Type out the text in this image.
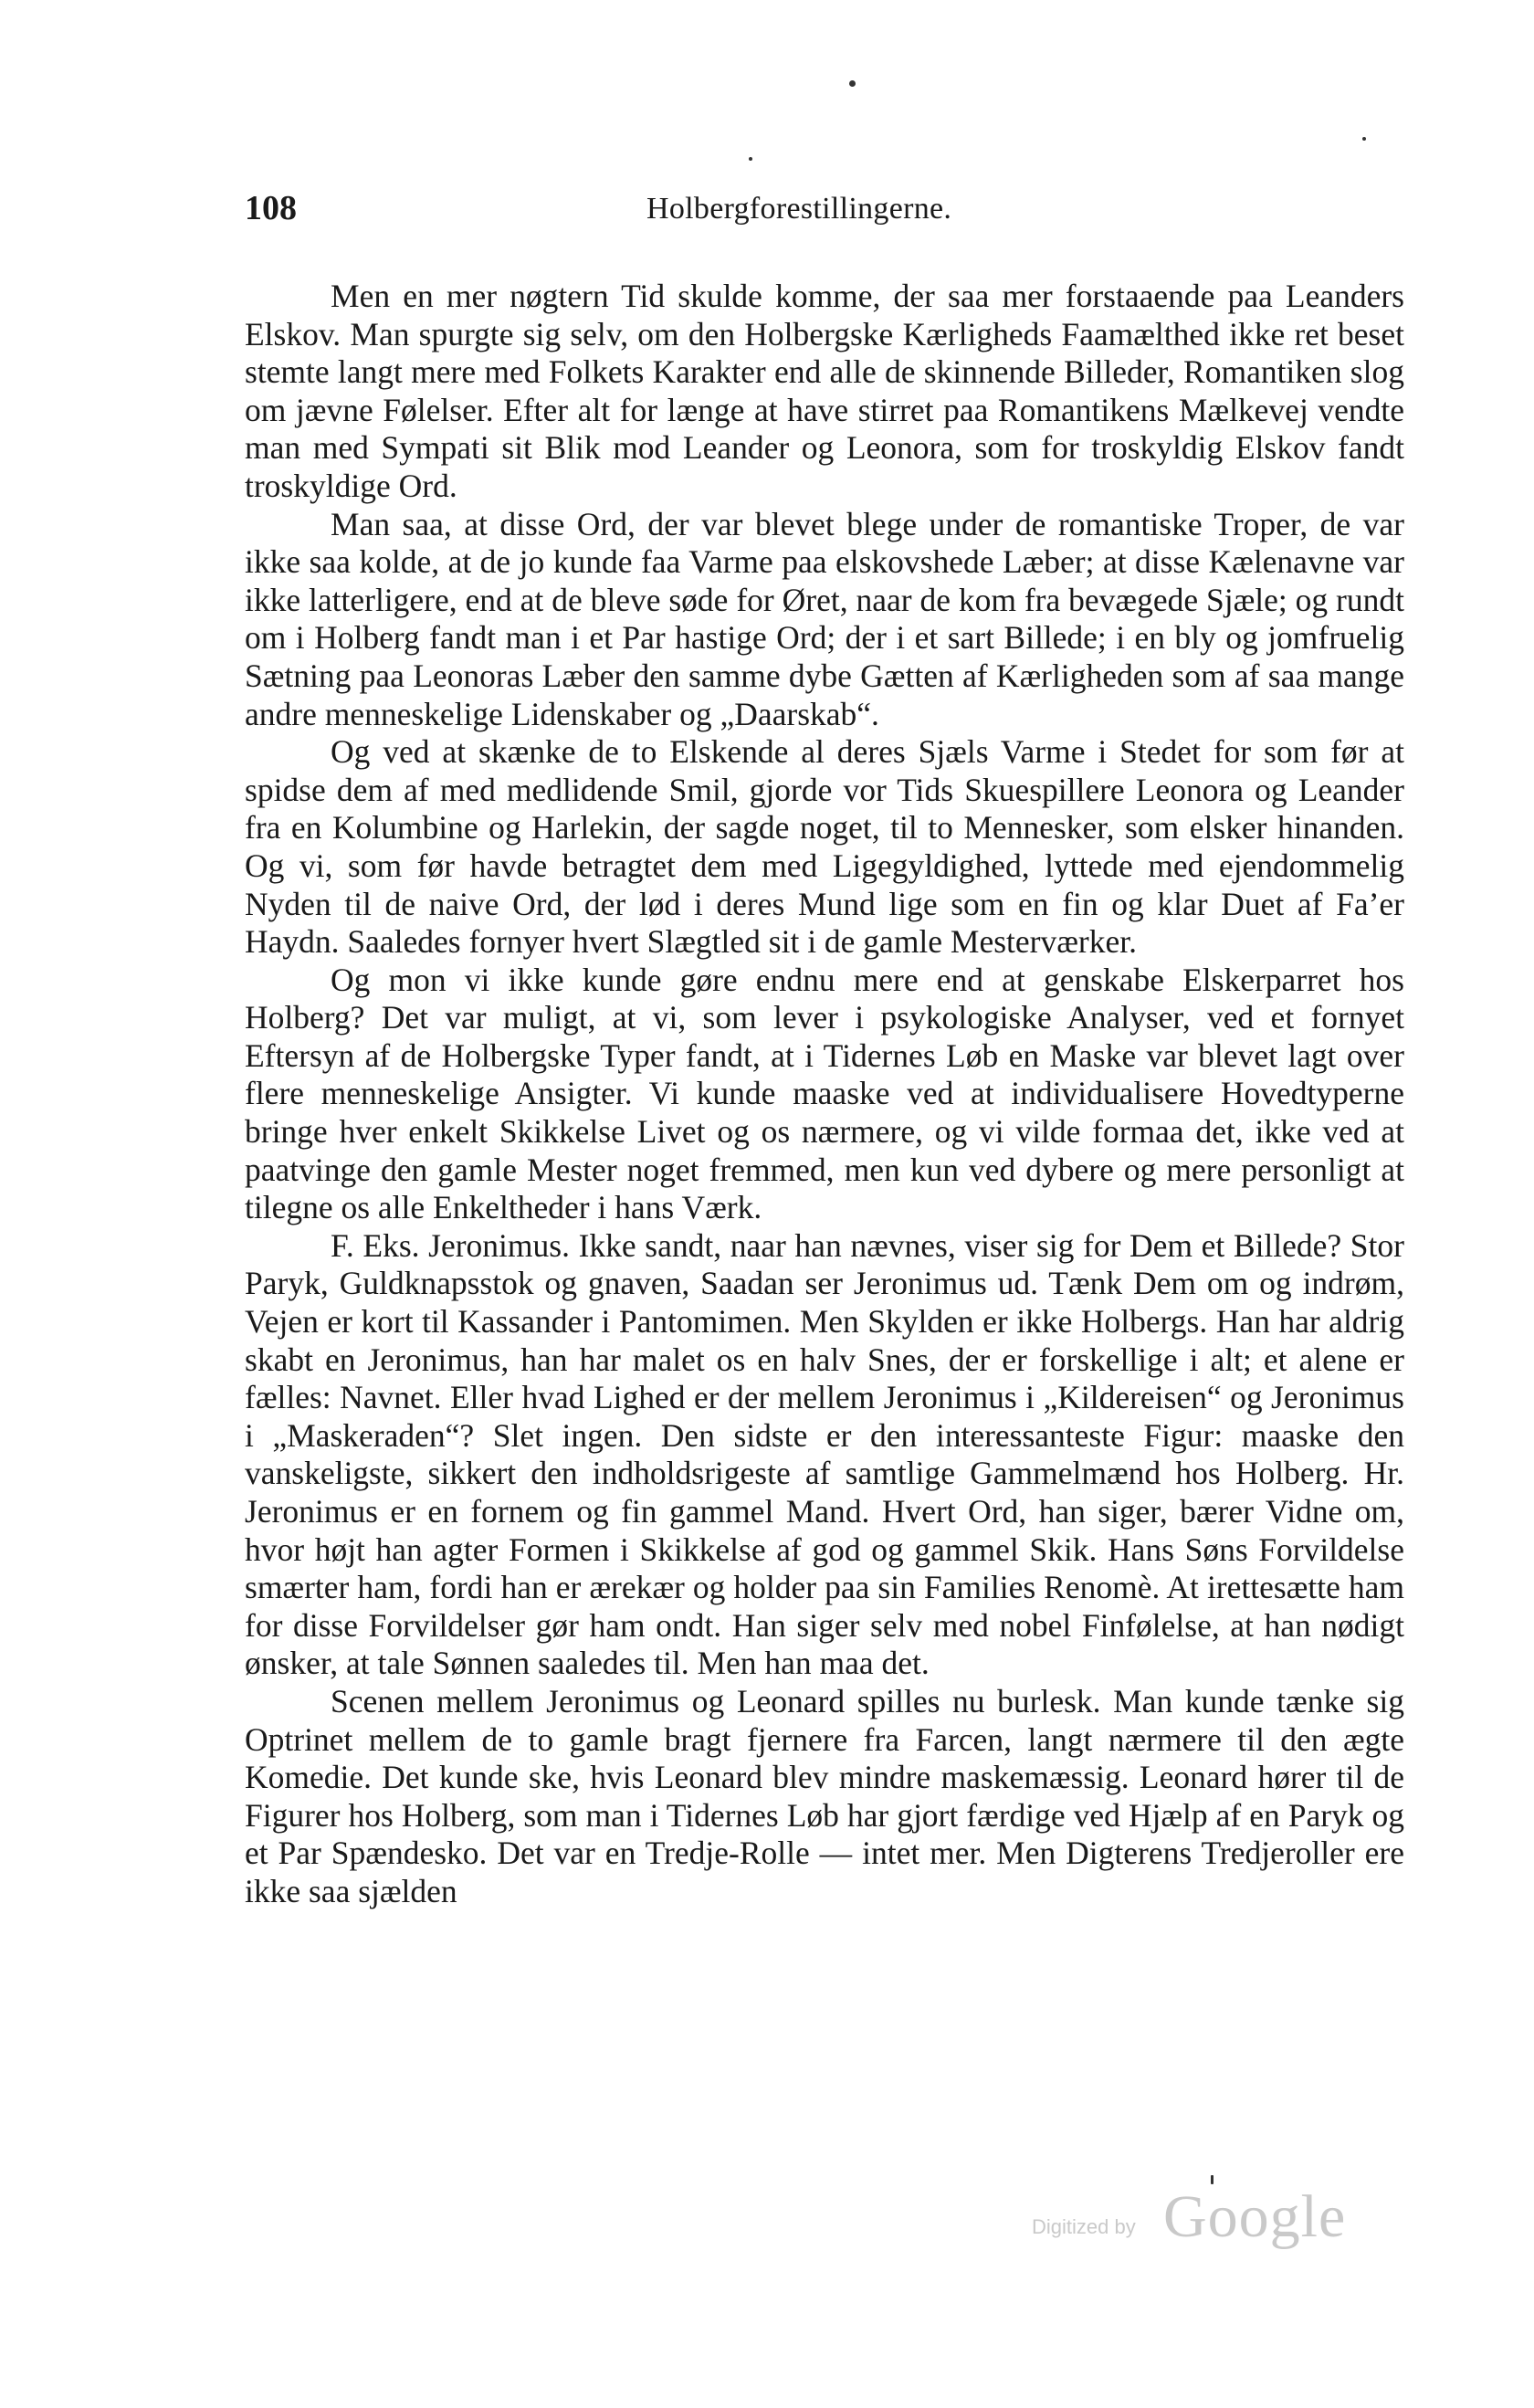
108	Holbergforestillingerne.

Men en mer nøgtern Tid skulde komme, der saa mer forstaaende paa Leanders Elskov. Man spurgte sig selv, om den Holbergske Kærligheds Faamælthed ikke ret beset stemte langt mere med Folkets Karakter end alle de skinnende Billeder, Romantiken slog om jævne Følelser. Efter alt for længe at have stirret paa Romantikens Mælkevej vendte man med Sympati sit Blik mod Leander og Leonora, som for troskyldig Elskov fandt troskyldige Ord.

Man saa, at disse Ord, der var blevet blege under de romantiske Troper, de var ikke saa kolde, at de jo kunde faa Varme paa elskovshede Læber; at disse Kælenavne var ikke latterligere, end at de bleve søde for Øret, naar de kom fra bevægede Sjæle; og rundt om i Holberg fandt man i et Par hastige Ord; der i et sart Billede; i en bly og jomfruelig Sætning paa Leonoras Læber den samme dybe Gætten af Kærligheden som af saa mange andre menneskelige Lidenskaber og „Daarskab“.

Og ved at skænke de to Elskende al deres Sjæls Varme i Stedet for som før at spidse dem af med medlidende Smil, gjorde vor Tids Skuespillere Leonora og Leander fra en Kolumbine og Harlekin, der sagde noget, til to Mennesker, som elsker hinanden. Og vi, som før havde betragtet dem med Ligegyldighed, lyttede med ejendommelig Nyden til de naive Ord, der lød i deres Mund lige som en fin og klar Duet af Fa’er Haydn. Saaledes fornyer hvert Slægtled sit i de gamle Mesterværker.

Og mon vi ikke kunde gøre endnu mere end at genskabe Elskerparret hos Holberg? Det var muligt, at vi, som lever i psykologiske Analyser, ved et fornyet Eftersyn af de Holbergske Typer fandt, at i Tidernes Løb en Maske var blevet lagt over flere menneskelige Ansigter. Vi kunde maaske ved at individualisere Hovedtyperne bringe hver enkelt Skikkelse Livet og os nærmere, og vi vilde formaa det, ikke ved at paatvinge den gamle Mester noget fremmed, men kun ved dybere og mere personligt at tilegne os alle Enkeltheder i hans Værk.

F. Eks. Jeronimus. Ikke sandt, naar han nævnes, viser sig for Dem et Billede? Stor Paryk, Guldknapsstok og gnaven, Saadan ser Jeronimus ud. Tænk Dem om og indrøm, Vejen er kort til Kassander i Pantomimen. Men Skylden er ikke Holbergs. Han har aldrig skabt en Jeronimus, han har malet os en halv Snes, der er forskellige i alt; et alene er fælles: Navnet. Eller hvad Lighed er der mellem Jeronimus i „Kildereisen“ og Jeronimus i „Maskeraden“? Slet ingen. Den sidste er den interessanteste Figur: maaske den vanskeligste, sikkert den indholdsrigeste af samtlige Gammelmænd hos Holberg. Hr. Jeronimus er en fornem og fin gammel Mand. Hvert Ord, han siger, bærer Vidne om, hvor højt han agter Formen i Skikkelse af god og gammel Skik. Hans Søns Forvildelse smærter ham, fordi han er ærekær og holder paa sin Families Renomè. At irettesætte ham for disse Forvildelser gør ham ondt. Han siger selv med nobel Finfølelse, at han nødigt ønsker, at tale Sønnen saaledes til. Men han maa det.

Scenen mellem Jeronimus og Leonard spilles nu burlesk. Man kunde tænke sig Optrinet mellem de to gamle bragt fjernere fra Farcen, langt nærmere til den ægte Komedie. Det kunde ske, hvis Leonard blev mindre maskemæssig. Leonard hører til de Figurer hos Holberg, som man i Tidernes Løb har gjort færdige ved Hjælp af en Paryk og et Par Spændesko. Det var en Tredje-Rolle — intet mer. Men Digterens Tredjeroller ere ikke saa sjælden

Digitized by Google
